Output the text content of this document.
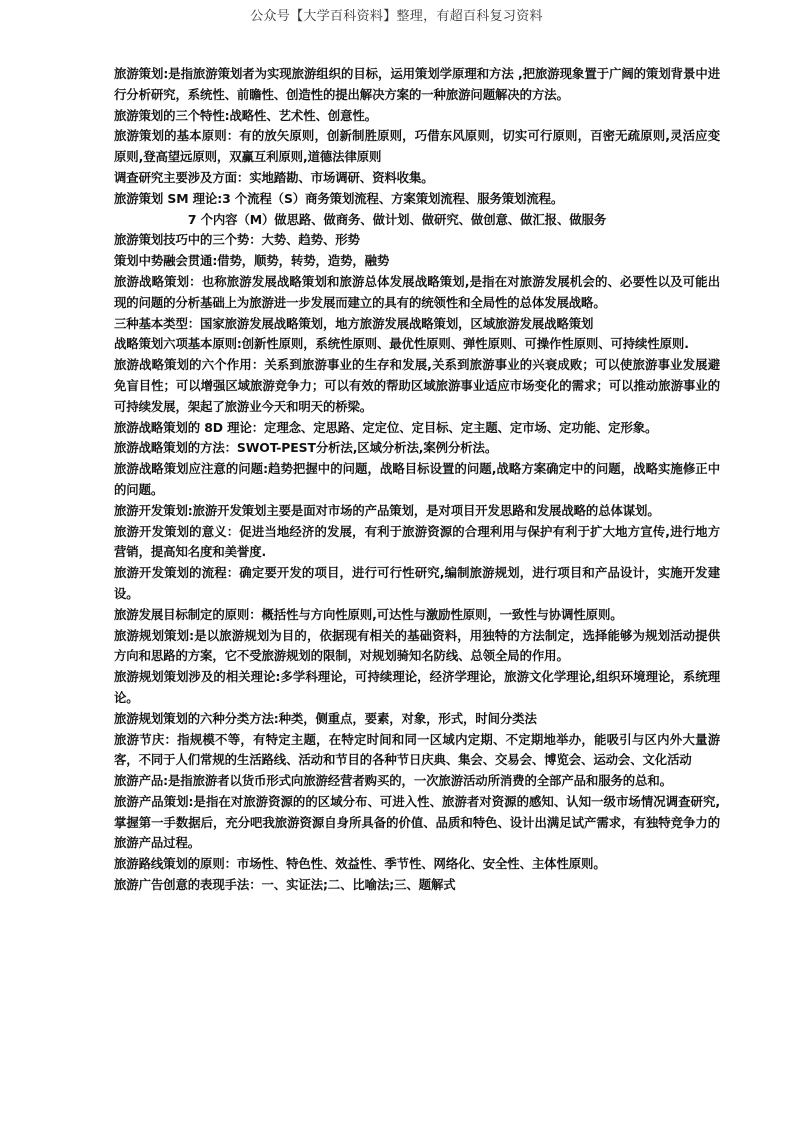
公众号【大学百科资料】整理，有超百科复习资料

旅游策划:是指旅游策划者为实现旅游组织的目标，运用策划学原理和方法 ,把旅游现象置于广阔的策划背景中进行分析研究，系统性、前瞻性、创造性的提出解决方案的一种旅游问题解决的方法。

旅游策划的三个特性:战略性、艺术性、创意性。

旅游策划的基本原则：有的放矢原则，创新制胜原则，巧借东风原则，切实可行原则，百密无疏原则,灵活应变原则,登高望远原则，双赢互利原则,道德法律原则

调查研究主要涉及方面：实地踏勘、市场调研、资料收集。

旅游策划 SM 理论:3 个流程（S）商务策划流程、方案策划流程、服务策划流程。

7 个内容（M）做思路、做商务、做计划、做研究、做创意、做汇报、做服务

旅游策划技巧中的三个势：大势、趋势、形势

策划中势融会贯通:借势，顺势，转势，造势，融势

旅游战略策划：也称旅游发展战略策划和旅游总体发展战略策划,是指在对旅游发展机会的、必要性以及可能出现的问题的分析基础上为旅游进一步发展而建立的具有的统领性和全局性的总体发展战略。

三种基本类型：国家旅游发展战略策划，地方旅游发展战略策划，区域旅游发展战略策划

战略策划六项基本原则:创新性原则，系统性原则、最优性原则、弹性原则、可操作性原则、可持续性原则.

旅游战略策划的六个作用：关系到旅游事业的生存和发展,关系到旅游事业的兴衰成败；可以使旅游事业发展避免盲目性；可以增强区域旅游竞争力；可以有效的帮助区域旅游事业适应市场变化的需求；可以推动旅游事业的可持续发展，架起了旅游业今天和明天的桥梁。

旅游战略策划的 8D 理论：定理念、定思路、定定位、定目标、定主题、定市场、定功能、定形象。

旅游战略策划的方法：SWOT-PEST分析法,区域分析法,案例分析法。

旅游战略策划应注意的问题:趋势把握中的问题，战略目标设置的问题,战略方案确定中的问题，战略实施修正中的问题。

旅游开发策划:旅游开发策划主要是面对市场的产品策划，是对项目开发思路和发展战略的总体谋划。

旅游开发策划的意义：促进当地经济的发展，有利于旅游资源的合理利用与保护有利于扩大地方宣传,进行地方营销，提高知名度和美誉度.

旅游开发策划的流程：确定要开发的项目，进行可行性研究,编制旅游规划，进行项目和产品设计，实施开发建设。

旅游发展目标制定的原则：概括性与方向性原则,可达性与激励性原则，一致性与协调性原则。

旅游规划策划:是以旅游规划为目的，依据现有相关的基础资料，用独特的方法制定，选择能够为规划活动提供方向和思路的方案，它不受旅游规划的限制，对规划骑知名防线、总领全局的作用。

旅游规划策划涉及的相关理论:多学科理论，可持续理论，经济学理论，旅游文化学理论,组织环境理论，系统理论。

旅游规划策划的六种分类方法:种类，侧重点，要素，对象，形式，时间分类法

旅游节庆：指规模不等，有特定主题，在特定时间和同一区域内定期、不定期地举办，能吸引与区内外大量游客，不同于人们常规的生活路线、活动和节目的各种节日庆典、集会、交易会、博览会、运动会、文化活动

旅游产品:是指旅游者以货币形式向旅游经营者购买的，一次旅游活动所消费的全部产品和服务的总和。

旅游产品策划:是指在对旅游资源的的区域分布、可进入性、旅游者对资源的感知、认知一级市场情况调查研究,掌握第一手数据后，充分吧我旅游资源自身所具备的价值、品质和特色、设计出满足试产需求，有独特竞争力的旅游产品过程。

旅游路线策划的原则：市场性、特色性、效益性、季节性、网络化、安全性、主体性原则。

旅游广告创意的表现手法：一、实证法;二、比喻法;三、题解式
